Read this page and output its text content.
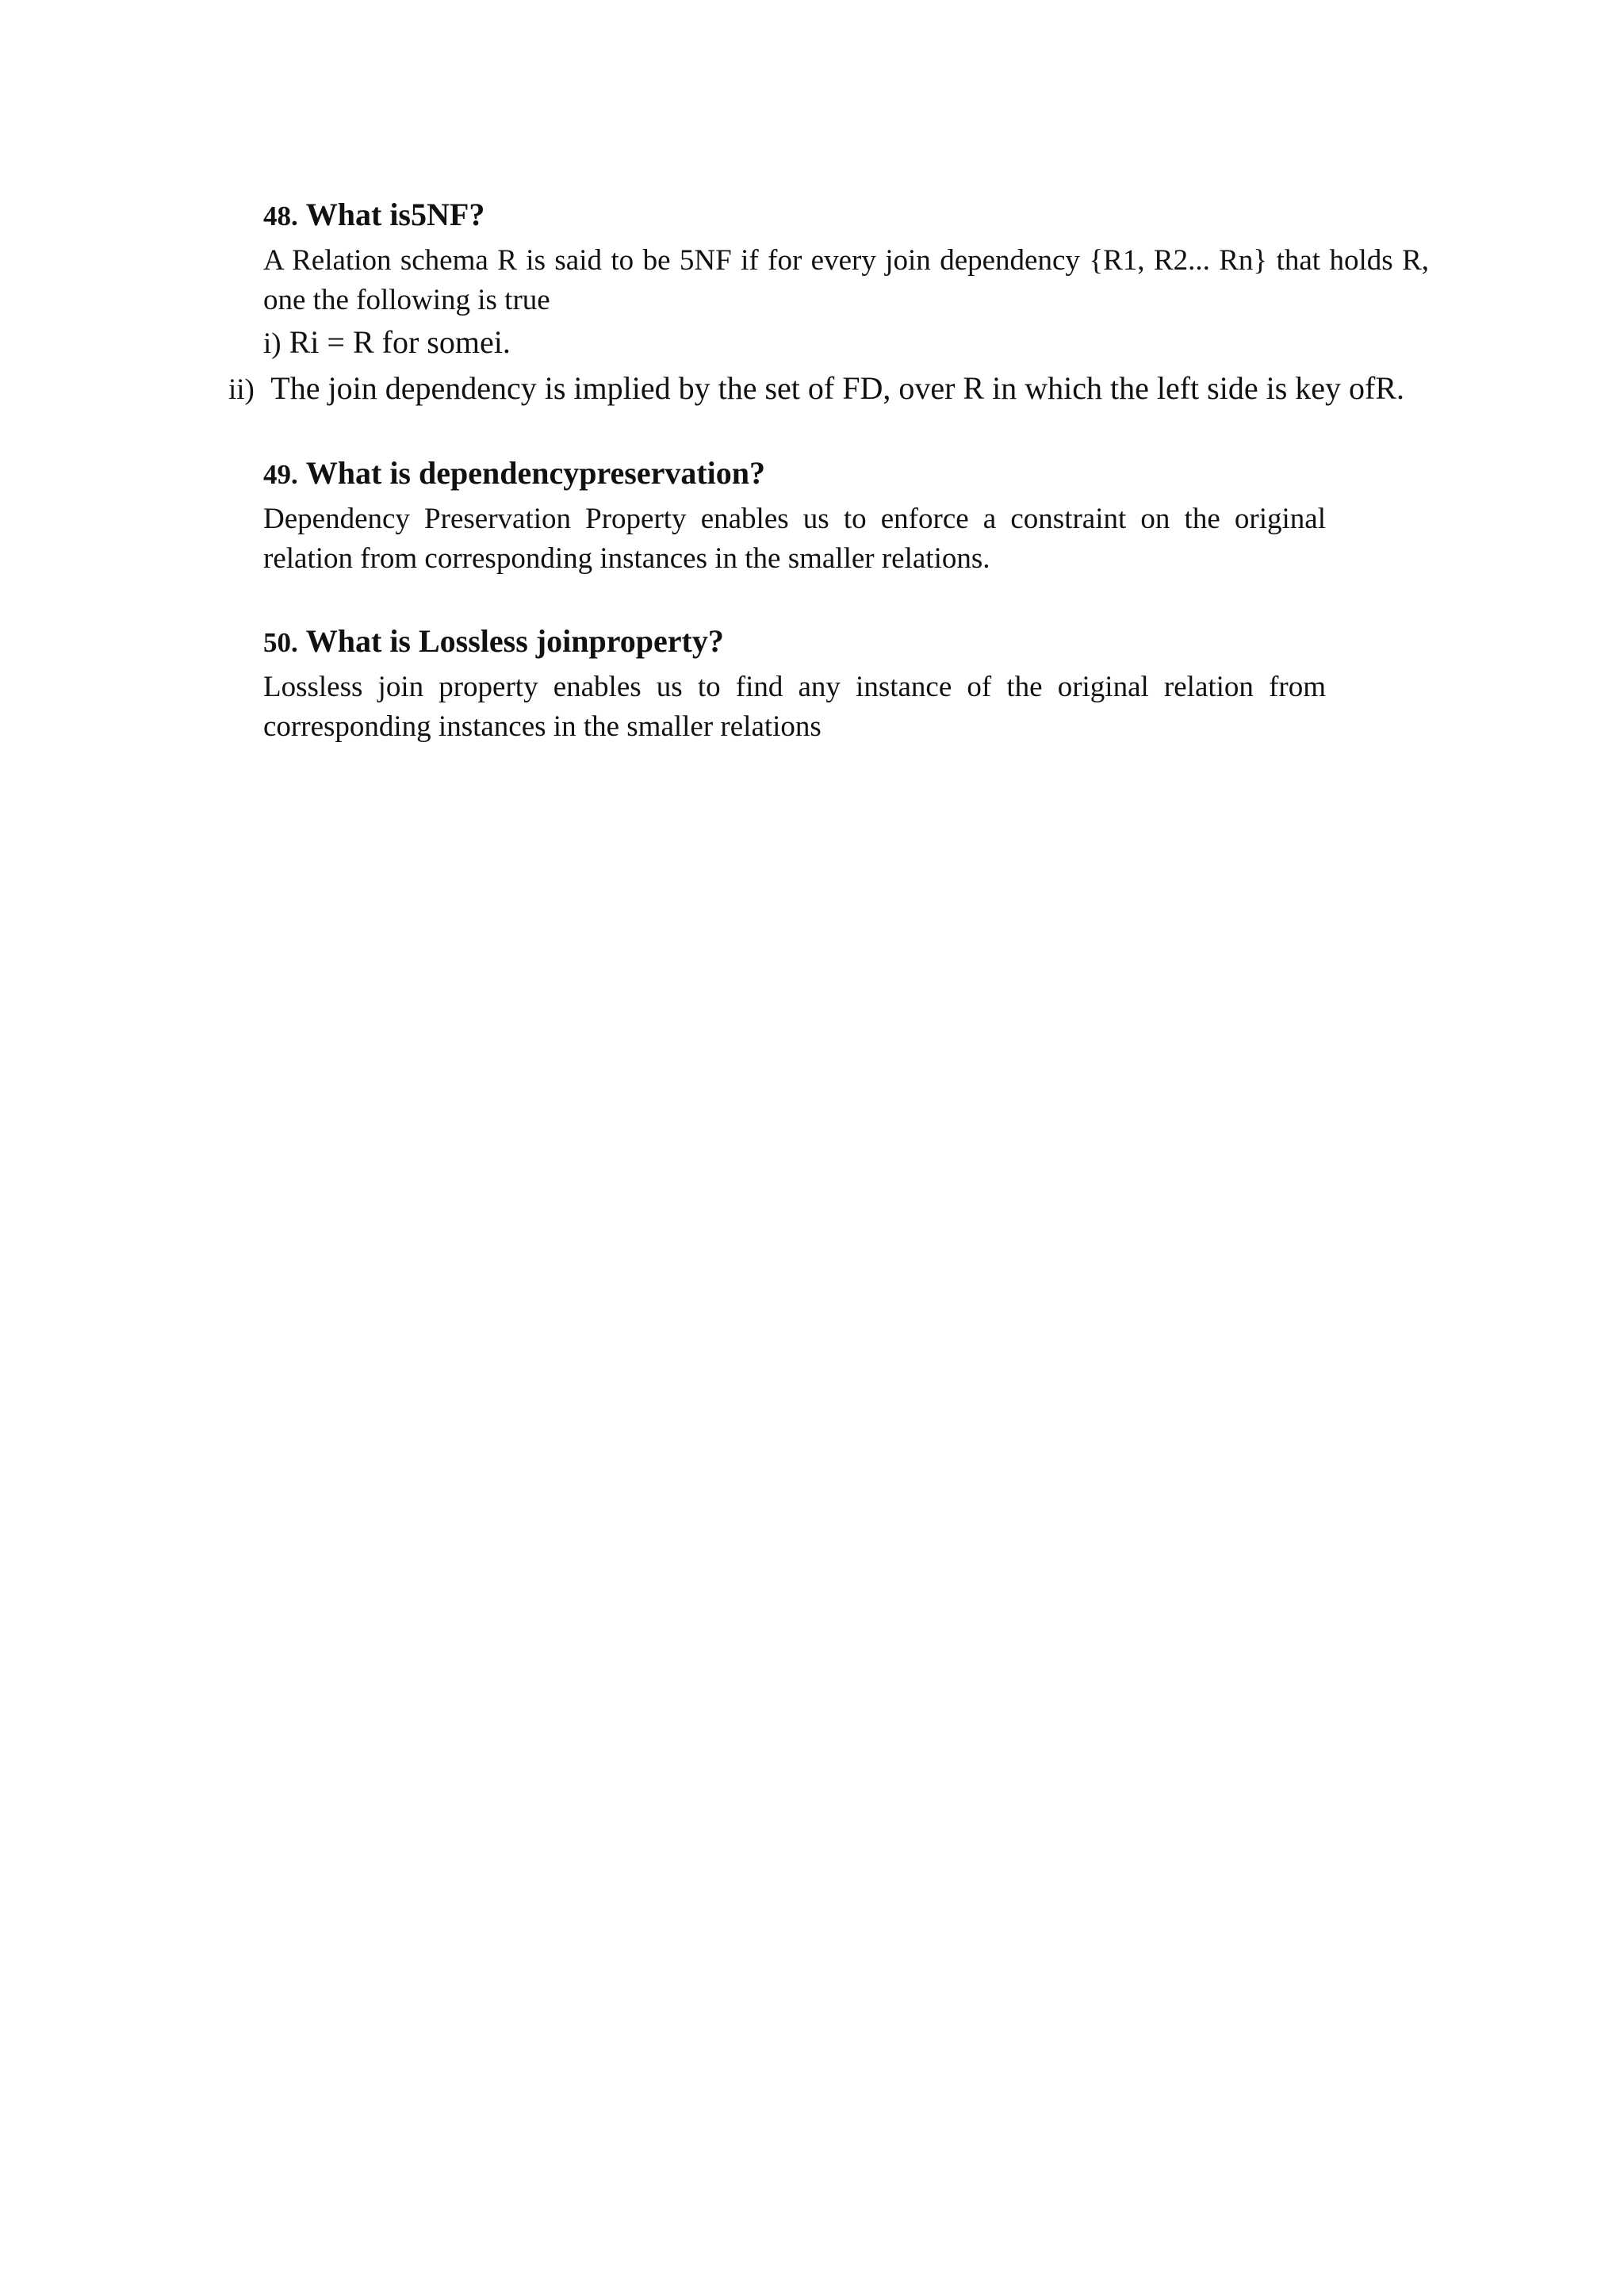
48. What is5NF?

A Relation schema R is said to be 5NF if for every join dependency {R1, R2... Rn} that holds R, one the following is true

i) Ri = R for somei.

ii) The join dependency is implied by the set of FD, over R in which the left side is key ofR.

49. What is dependencypreservation?

Dependency Preservation Property enables us to enforce a constraint on the original relation from corresponding instances in the smaller relations.

50. What is Lossless joinproperty?

Lossless join property enables us to find any instance of the original relation from corresponding instances in the smaller relations
